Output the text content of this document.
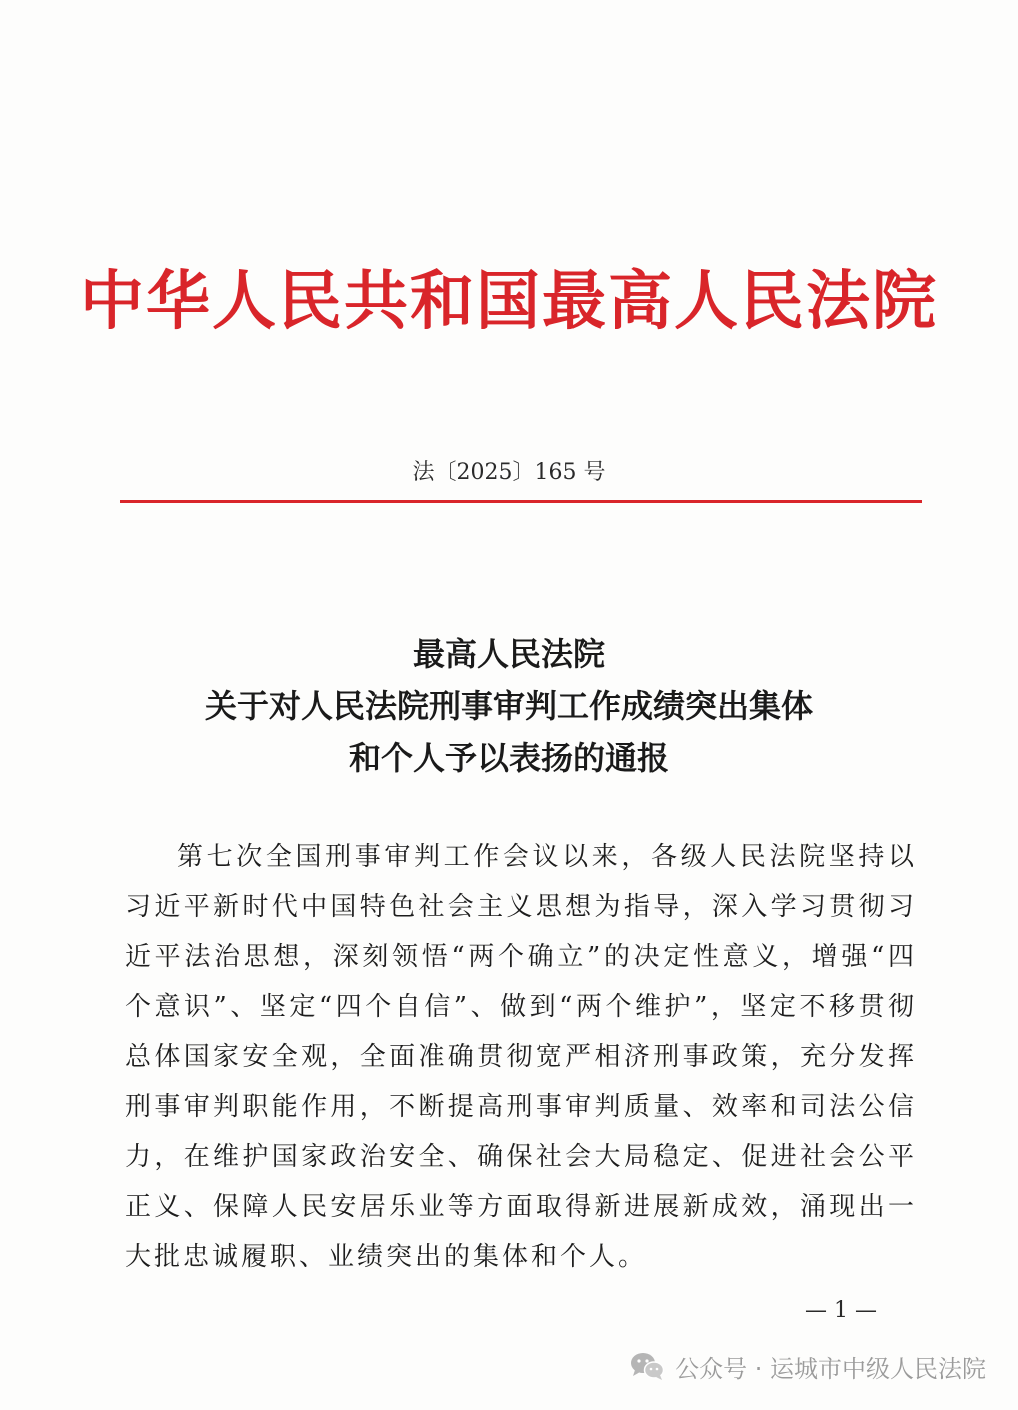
中华人民共和国最高人民法院
法〔2025〕165 号
最高人民法院
关于对人民法院刑事审判工作成绩突出集体
和个人予以表扬的通报
第七次全国刑事审判工作会议以来，各级人民法院坚持以习近平新时代中国特色社会主义思想为指导，深入学习贯彻习近平法治思想，深刻领悟“两个确立”的决定性意义，增强“四个意识”、坚定“四个自信”、做到“两个维护”，坚定不移贯彻总体国家安全观，全面准确贯彻宽严相济刑事政策，充分发挥刑事审判职能作用，不断提高刑事审判质量、效率和司法公信力，在维护国家政治安全、确保社会大局稳定、促进社会公平正义、保障人民安居乐业等方面取得新进展新成效，涌现出一大批忠诚履职、业绩突出的集体和个人。
— 1 —
公众号 · 运城市中级人民法院
